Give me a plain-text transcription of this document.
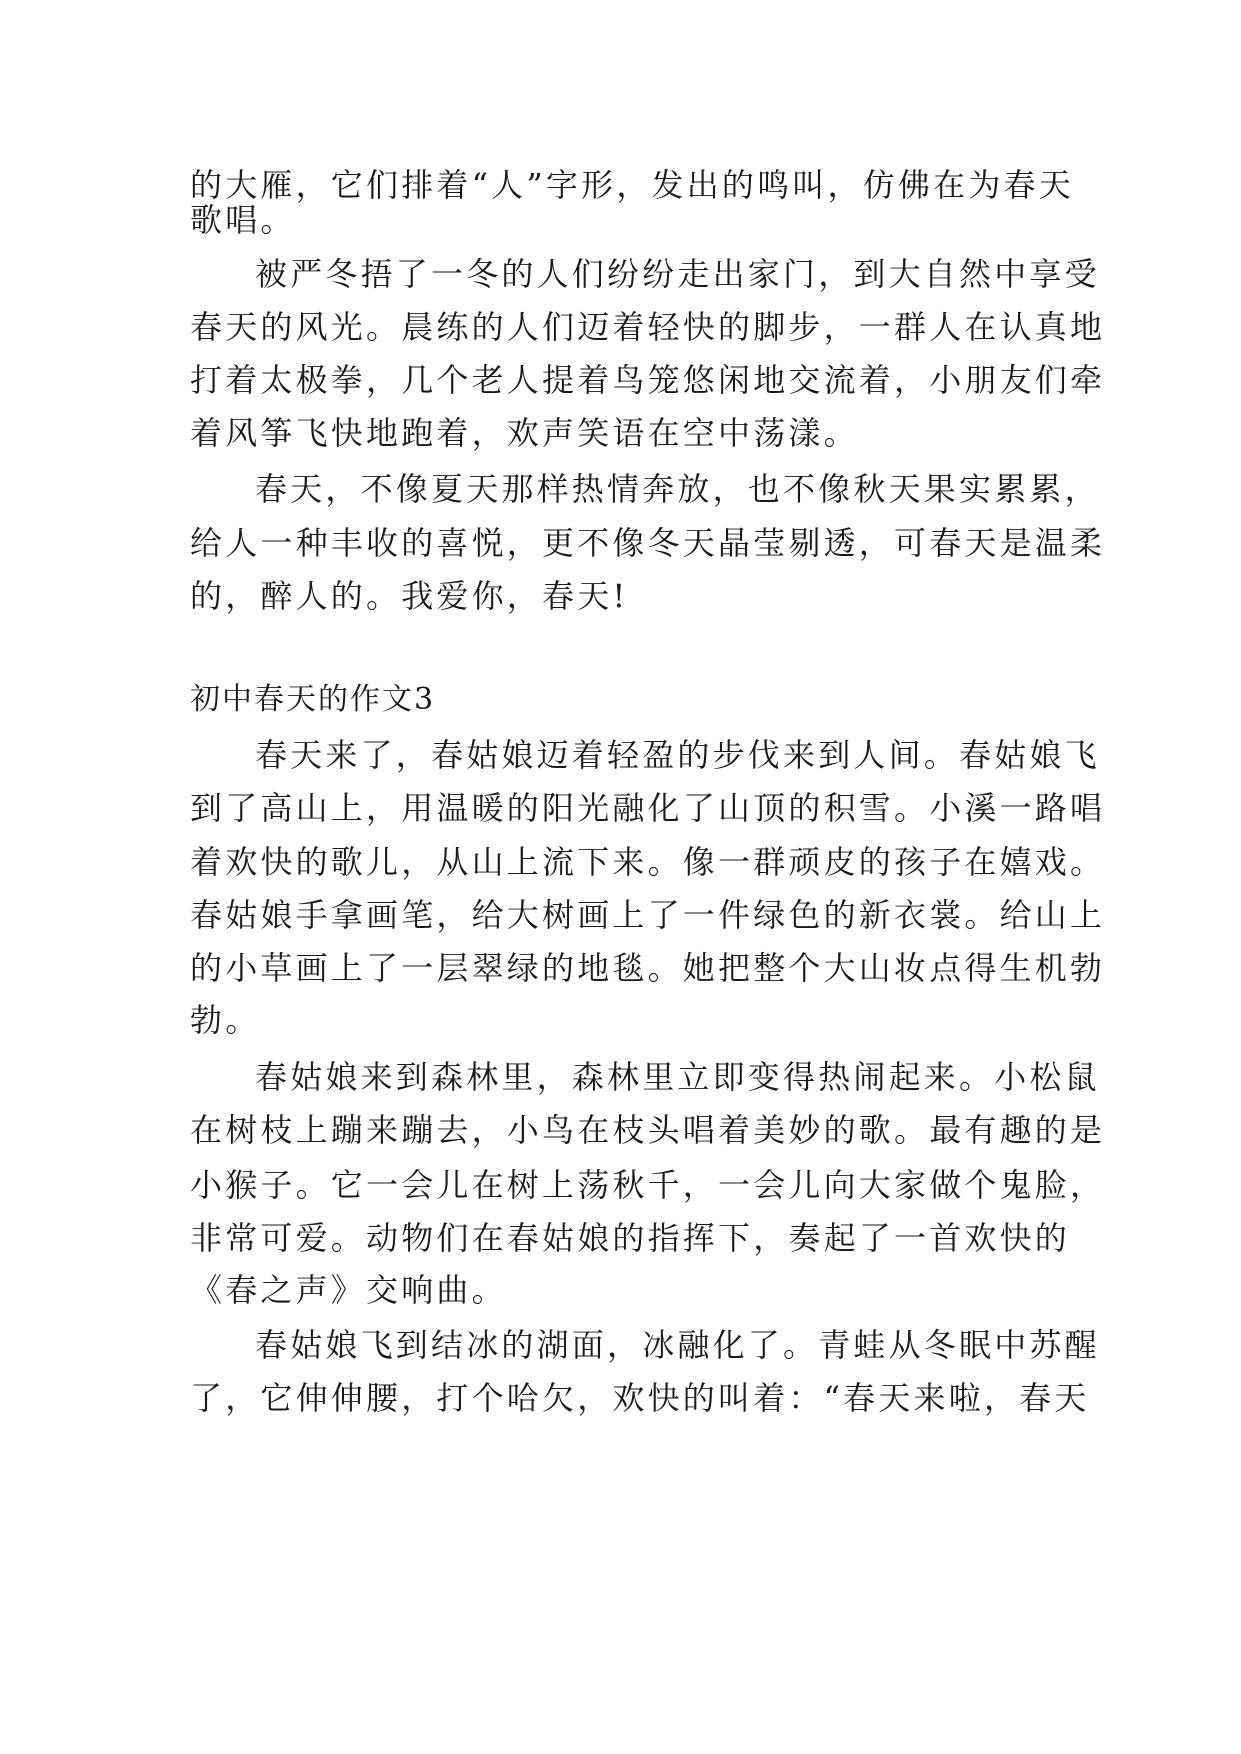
的大雁，它们排着“人”字形，发出的鸣叫，仿佛在为春天
歌唱。
被严冬捂了一冬的人们纷纷走出家门，到大自然中享受
春天的风光。晨练的人们迈着轻快的脚步，一群人在认真地
打着太极拳，几个老人提着鸟笼悠闲地交流着，小朋友们牵
着风筝飞快地跑着，欢声笑语在空中荡漾。
春天，不像夏天那样热情奔放，也不像秋天果实累累，
给人一种丰收的喜悦，更不像冬天晶莹剔透，可春天是温柔
的，醉人的。我爱你，春天!
初中春天的作文3
春天来了，春姑娘迈着轻盈的步伐来到人间。春姑娘飞
到了高山上，用温暖的阳光融化了山顶的积雪。小溪一路唱
着欢快的歌儿，从山上流下来。像一群顽皮的孩子在嬉戏。
春姑娘手拿画笔，给大树画上了一件绿色的新衣裳。给山上
的小草画上了一层翠绿的地毯。她把整个大山妆点得生机勃
勃。
春姑娘来到森林里，森林里立即变得热闹起来。小松鼠
在树枝上蹦来蹦去，小鸟在枝头唱着美妙的歌。最有趣的是
小猴子。它一会儿在树上荡秋千，一会儿向大家做个鬼脸，
非常可爱。动物们在春姑娘的指挥下，奏起了一首欢快的
《春之声》交响曲。
春姑娘飞到结冰的湖面，冰融化了。青蛙从冬眠中苏醒
了，它伸伸腰，打个哈欠，欢快的叫着：“春天来啦，春天
